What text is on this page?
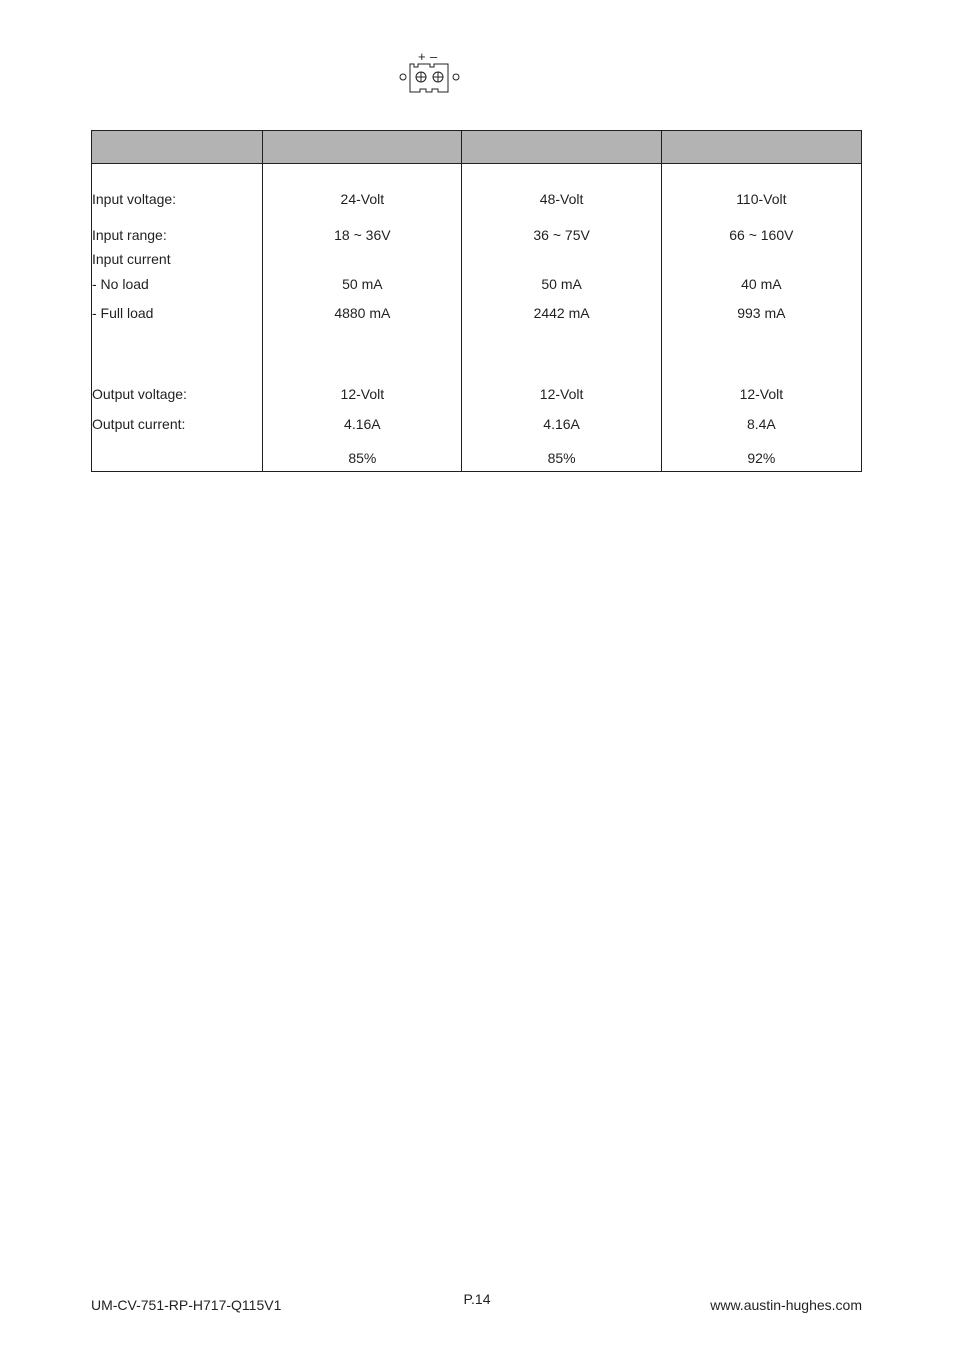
+ –

Input voltage:	24-Volt	48-Volt	110-Volt
Input range:	18 ~ 36V	36 ~ 75V	66 ~ 160V
Input current			
- No load	50 mA	50 mA	40 mA
- Full load	4880 mA	2442 mA	993 mA

Output voltage:	12-Volt	12-Volt	12-Volt
Output current:	4.16A	4.16A	8.4A
	85%	85%	92%
UM-CV-751-RP-H717-Q115V1	P.14	www.austin-hughes.com
